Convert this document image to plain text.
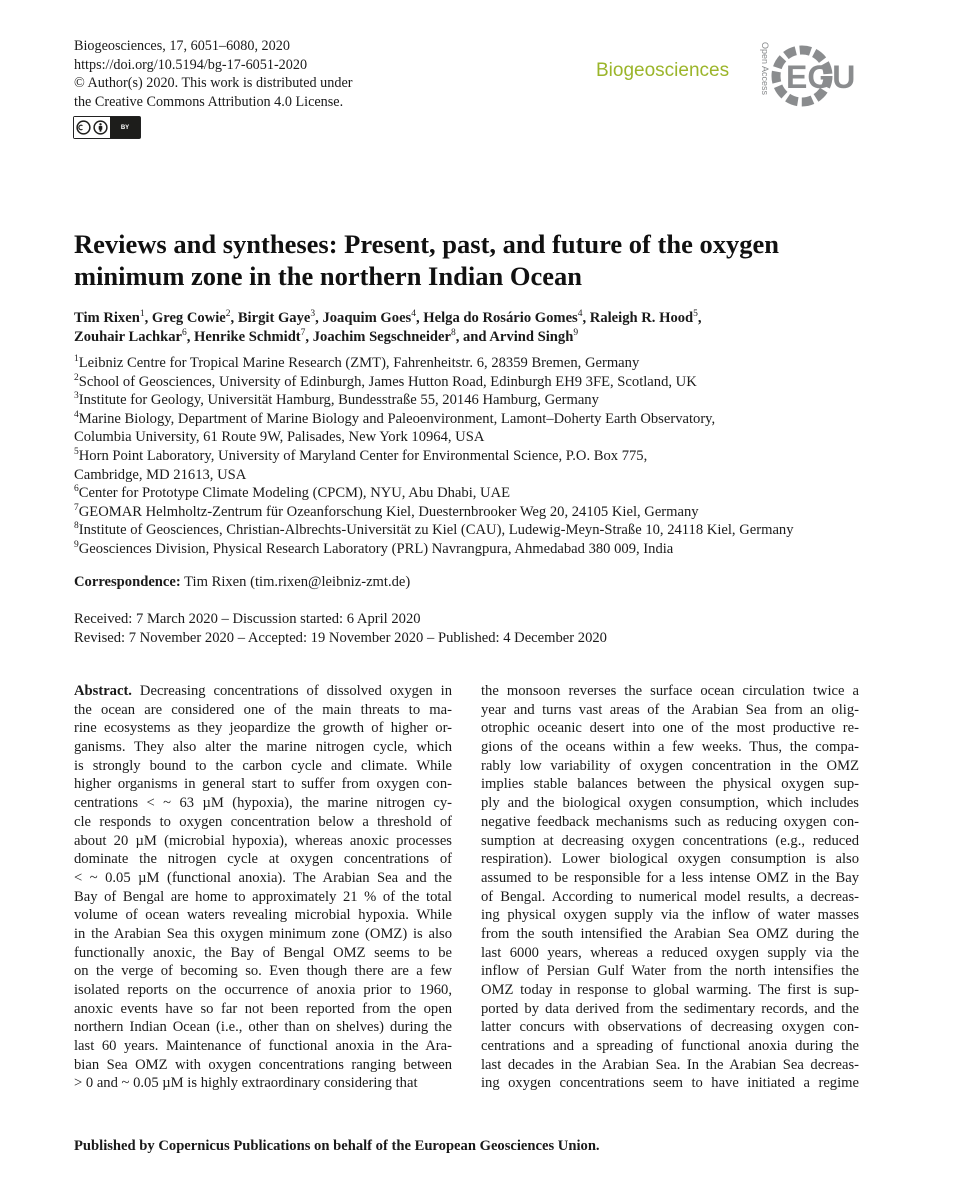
Biogeosciences, 17, 6051–6080, 2020
https://doi.org/10.5194/bg-17-6051-2020
© Author(s) 2020. This work is distributed under
the Creative Commons Attribution 4.0 License.
BY
Biogeosciences	Open Access EGU
Reviews and syntheses: Present, past, and future of the oxygen
minimum zone in the northern Indian Ocean
Tim Rixen$^1$, Greg Cowie$^2$, Birgit Gaye$^3$, Joaquim Goes$^4$, Helga do Rosário Gomes$^4$, Raleigh R. Hood$^5$,
Zouhair Lachkar$^6$, Henrike Schmidt$^7$, Joachim Segschneider$^8$, and Arvind Singh$^9$
$^1$Leibniz Centre for Tropical Marine Research (ZMT), Fahrenheitstr. 6, 28359 Bremen, Germany
$^2$School of Geosciences, University of Edinburgh, James Hutton Road, Edinburgh EH9 3FE, Scotland, UK
$^3$Institute for Geology, Universität Hamburg, Bundesstraße 55, 20146 Hamburg, Germany
$^4$Marine Biology, Department of Marine Biology and Paleoenvironment, Lamont–Doherty Earth Observatory,
Columbia University, 61 Route 9W, Palisades, New York 10964, USA
$^5$Horn Point Laboratory, University of Maryland Center for Environmental Science, P.O. Box 775,
Cambridge, MD 21613, USA
$^6$Center for Prototype Climate Modeling (CPCM), NYU, Abu Dhabi, UAE
$^7$GEOMAR Helmholtz-Zentrum für Ozeanforschung Kiel, Duesternbrooker Weg 20, 24105 Kiel, Germany
$^8$Institute of Geosciences, Christian-Albrechts-Universität zu Kiel (CAU), Ludewig-Meyn-Straße 10, 24118 Kiel, Germany
$^9$Geosciences Division, Physical Research Laboratory (PRL) Navrangpura, Ahmedabad 380 009, India
Correspondence: Tim Rixen (tim.rixen@leibniz-zmt.de)
Received: 7 March 2020 – Discussion started: 6 April 2020
Revised: 7 November 2020 – Accepted: 19 November 2020 – Published: 4 December 2020
Abstract. Decreasing concentrations of dissolved oxygen in
the ocean are considered one of the main threats to ma-
rine ecosystems as they jeopardize the growth of higher or-
ganisms. They also alter the marine nitrogen cycle, which
is strongly bound to the carbon cycle and climate. While
higher organisms in general start to suffer from oxygen con-
centrations < ~ 63 µM (hypoxia), the marine nitrogen cy-
cle responds to oxygen concentration below a threshold of
about 20 µM (microbial hypoxia), whereas anoxic processes
dominate the nitrogen cycle at oxygen concentrations of
< ~ 0.05 µM (functional anoxia). The Arabian Sea and the
Bay of Bengal are home to approximately 21 % of the total
volume of ocean waters revealing microbial hypoxia. While
in the Arabian Sea this oxygen minimum zone (OMZ) is also
functionally anoxic, the Bay of Bengal OMZ seems to be
on the verge of becoming so. Even though there are a few
isolated reports on the occurrence of anoxia prior to 1960,
anoxic events have so far not been reported from the open
northern Indian Ocean (i.e., other than on shelves) during the
last 60 years. Maintenance of functional anoxia in the Ara-
bian Sea OMZ with oxygen concentrations ranging between
> 0 and ~ 0.05 µM is highly extraordinary considering that
the monsoon reverses the surface ocean circulation twice a
year and turns vast areas of the Arabian Sea from an olig-
otrophic oceanic desert into one of the most productive re-
gions of the oceans within a few weeks. Thus, the compa-
rably low variability of oxygen concentration in the OMZ
implies stable balances between the physical oxygen sup-
ply and the biological oxygen consumption, which includes
negative feedback mechanisms such as reducing oxygen con-
sumption at decreasing oxygen concentrations (e.g., reduced
respiration). Lower biological oxygen consumption is also
assumed to be responsible for a less intense OMZ in the Bay
of Bengal. According to numerical model results, a decreas-
ing physical oxygen supply via the inflow of water masses
from the south intensified the Arabian Sea OMZ during the
last 6000 years, whereas a reduced oxygen supply via the
inflow of Persian Gulf Water from the north intensifies the
OMZ today in response to global warming. The first is sup-
ported by data derived from the sedimentary records, and the
latter concurs with observations of decreasing oxygen con-
centrations and a spreading of functional anoxia during the
last decades in the Arabian Sea. In the Arabian Sea decreas-
ing oxygen concentrations seem to have initiated a regime
Published by Copernicus Publications on behalf of the European Geosciences Union.
